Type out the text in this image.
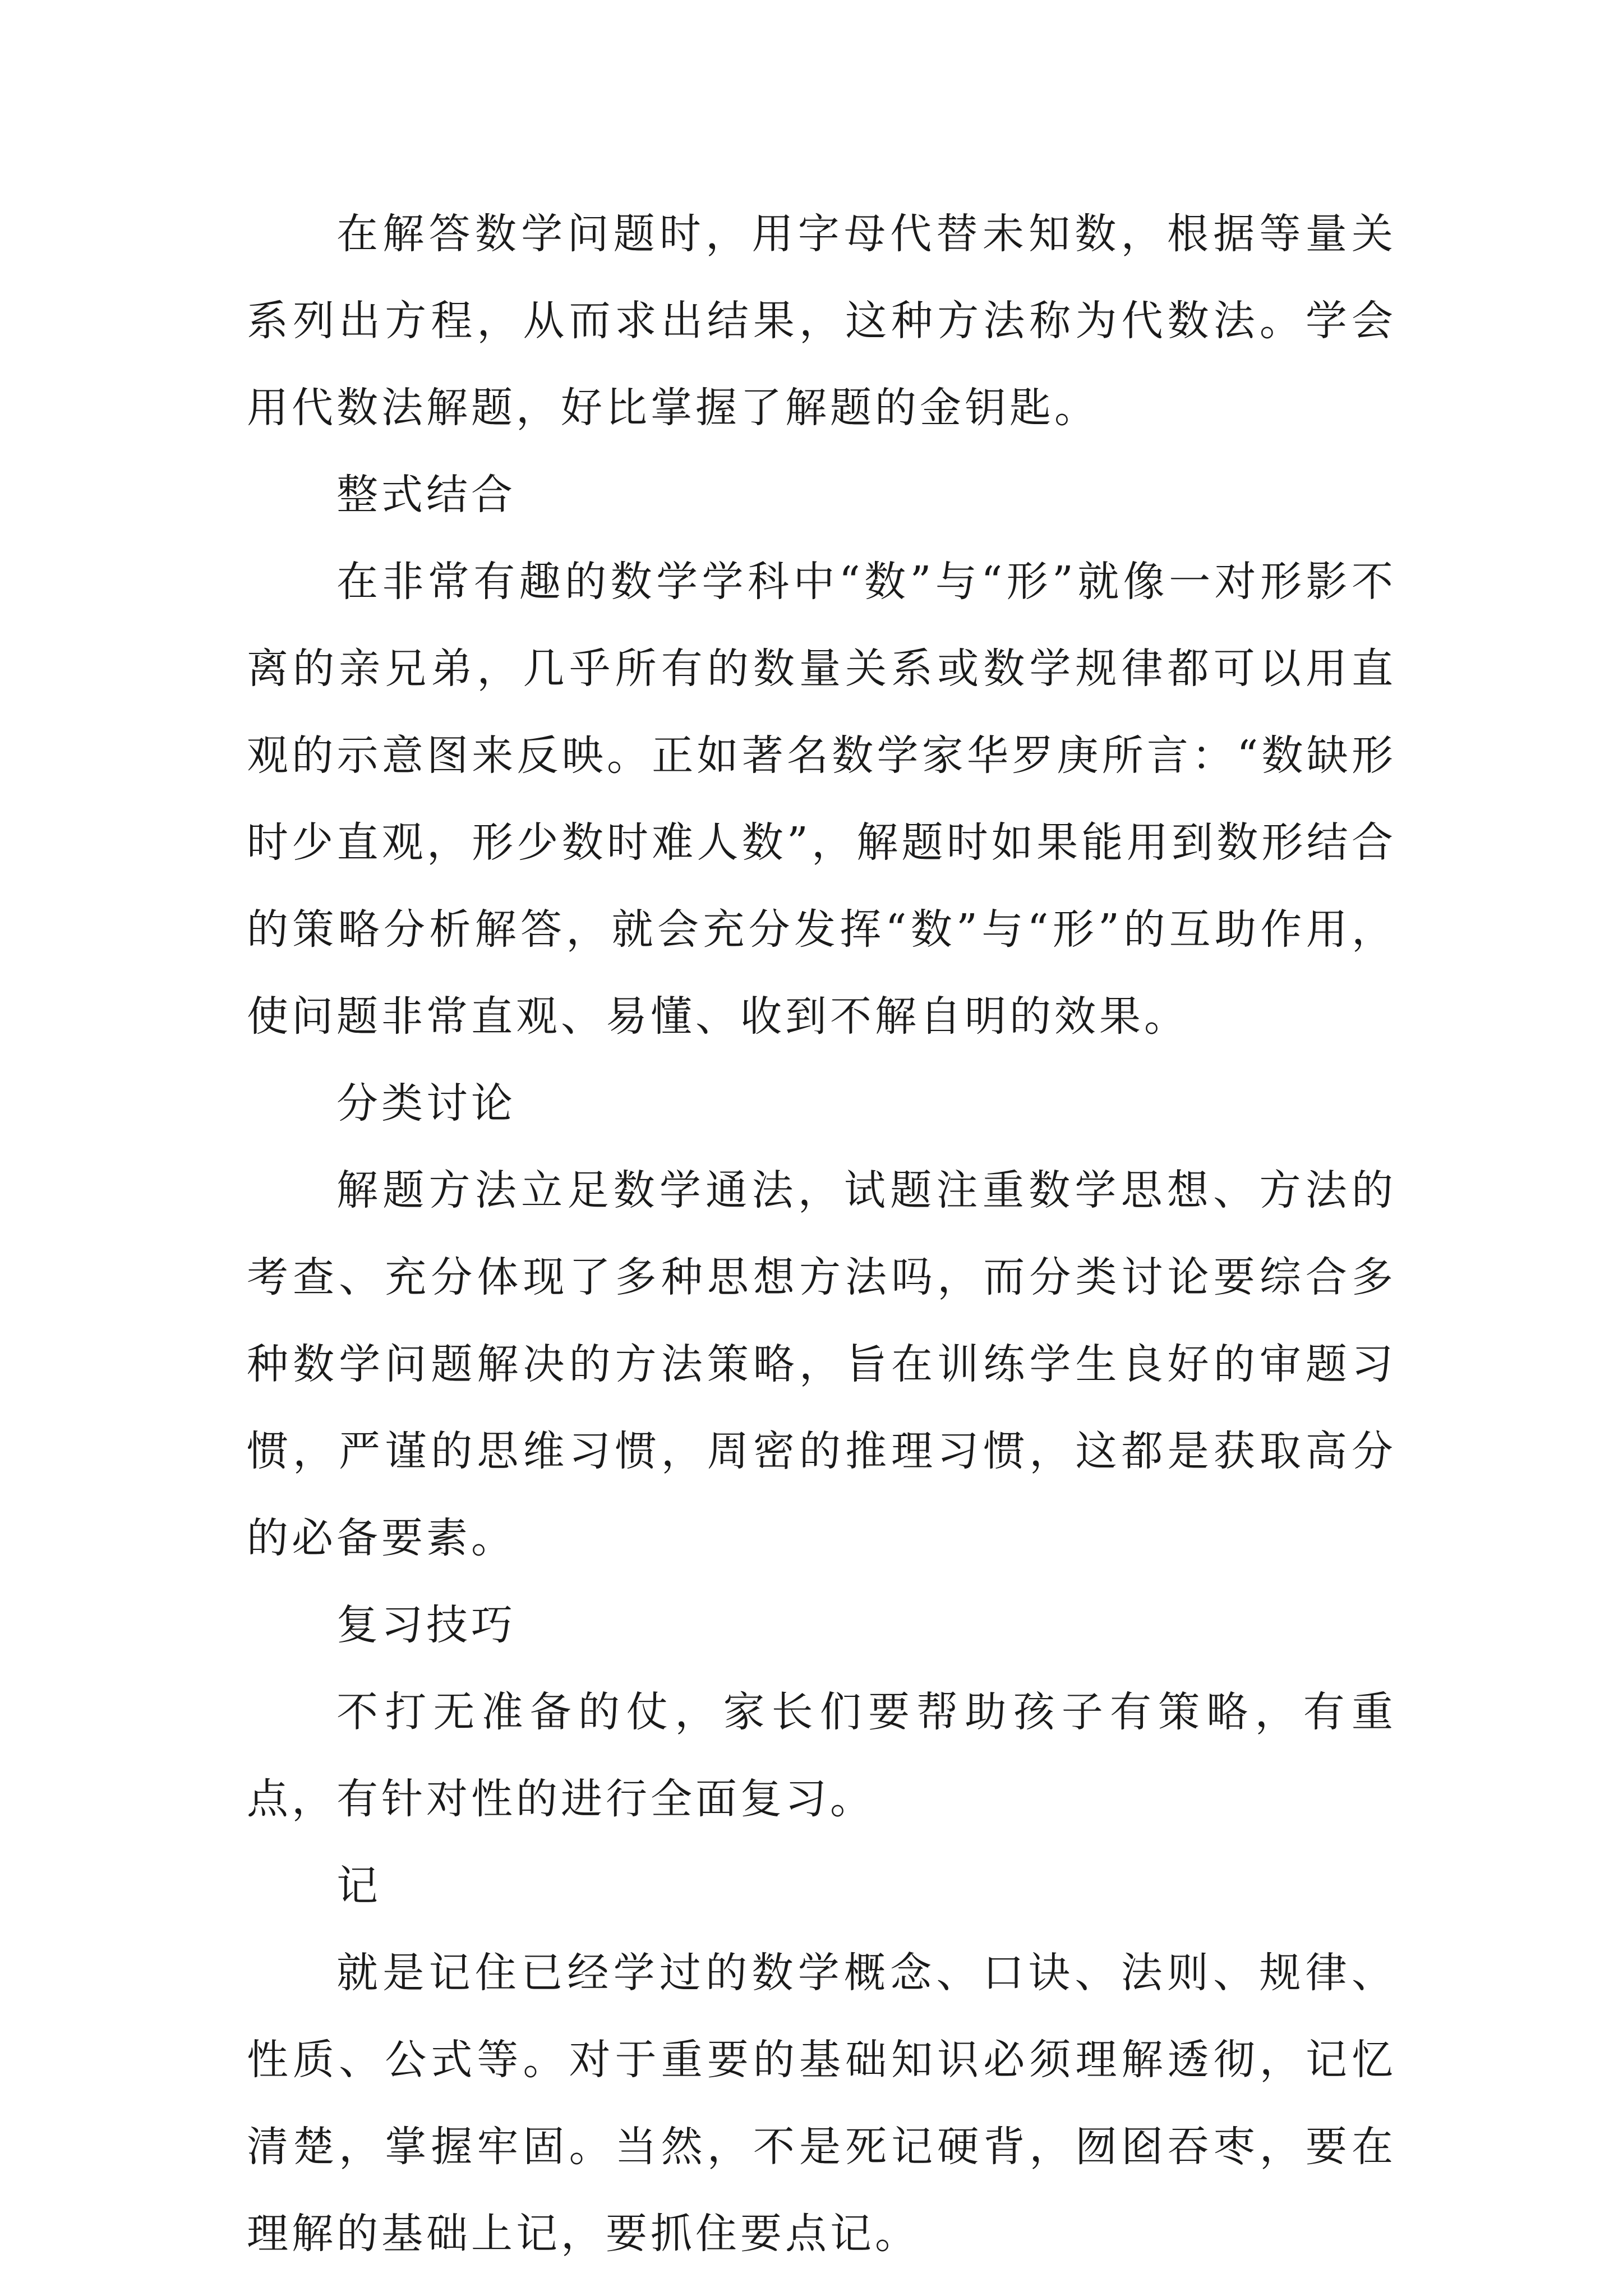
在解答数学问题时，用字母代替未知数，根据等量关系列出方程，从而求出结果，这种方法称为代数法。学会用代数法解题，好比掌握了解题的金钥匙。

整式结合

在非常有趣的数学学科中“数”与“形”就像一对形影不离的亲兄弟，几乎所有的数量关系或数学规律都可以用直观的示意图来反映。正如著名数学家华罗庚所言：“数缺形时少直观，形少数时难人数”，解题时如果能用到数形结合的策略分析解答，就会充分发挥“数”与“形”的互助作用，使问题非常直观、易懂、收到不解自明的效果。

分类讨论

解题方法立足数学通法，试题注重数学思想、方法的考查、充分体现了多种思想方法吗，而分类讨论要综合多种数学问题解决的方法策略，旨在训练学生良好的审题习惯，严谨的思维习惯，周密的推理习惯，这都是获取高分的必备要素。

复习技巧

不打无准备的仗，家长们要帮助孩子有策略，有重点，有针对性的进行全面复习。

记

就是记住已经学过的数学概念、口诀、法则、规律、性质、公式等。对于重要的基础知识必须理解透彻，记忆清楚，掌握牢固。当然，不是死记硬背，囫囵吞枣，要在理解的基础上记，要抓住要点记。
